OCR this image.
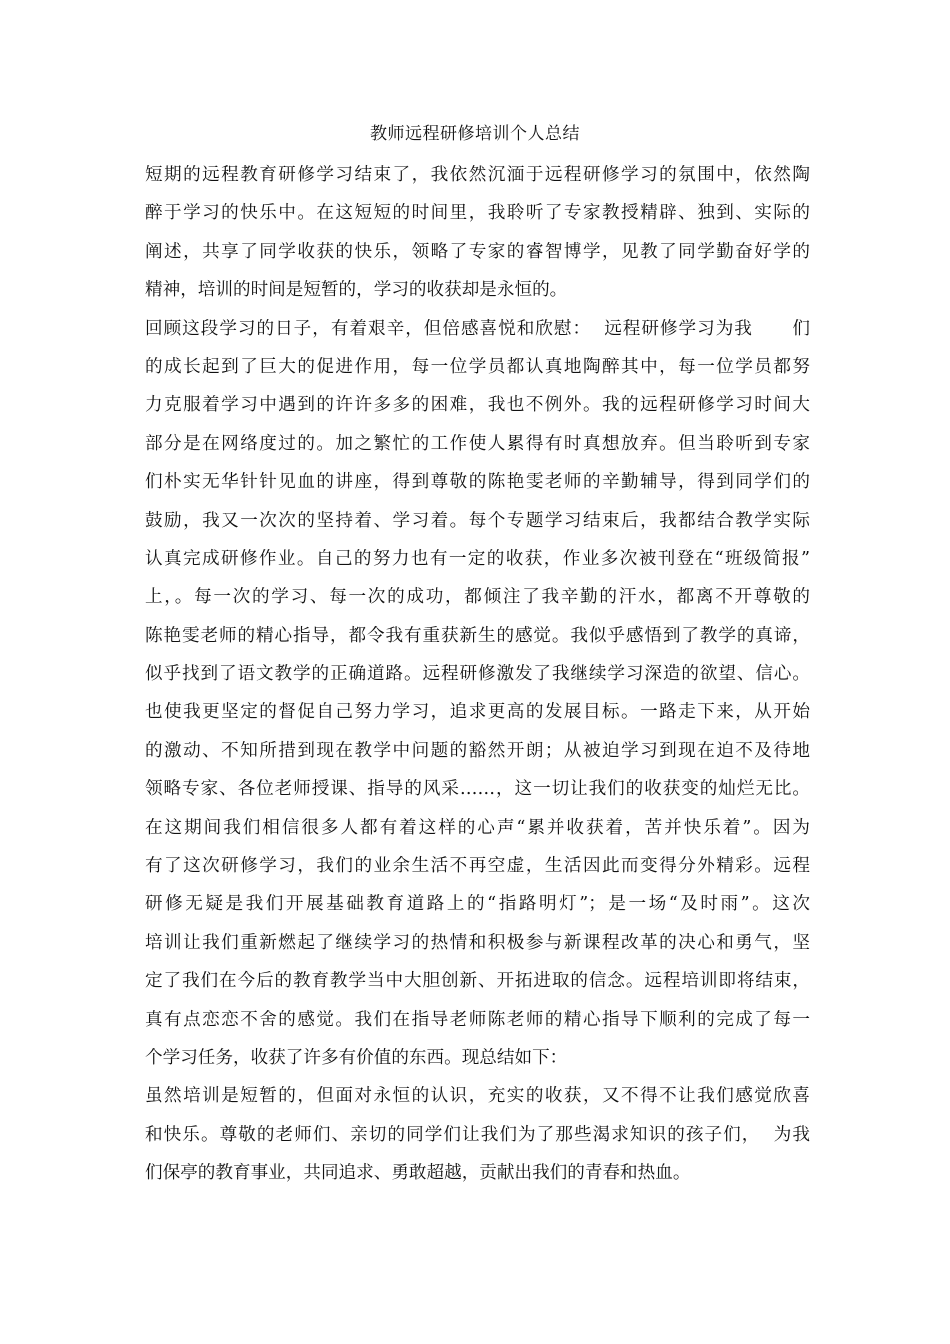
教师远程研修培训个人总结
短期的远程教育研修学习结束了，我依然沉湎于远程研修学习的氛围中，依然陶
醉于学习的快乐中。在这短短的时间里，我聆听了专家教授精辟、独到、实际的
阐述，共享了同学收获的快乐，领略了专家的睿智博学，见教了同学勤奋好学的
精神，培训的时间是短暂的，学习的收获却是永恒的。
回顾这段学习的日子，有着艰辛，但倍感喜悦和欣慰：  远程研修学习为我      们
的成长起到了巨大的促进作用，每一位学员都认真地陶醉其中，每一位学员都努
力克服着学习中遇到的许许多多的困难，我也不例外。我的远程研修学习时间大
部分是在网络度过的。加之繁忙的工作使人累得有时真想放弃。但当聆听到专家
们朴实无华针针见血的讲座，得到尊敬的陈艳雯老师的辛勤辅导，得到同学们的
鼓励，我又一次次的坚持着、学习着。每个专题学习结束后，我都结合教学实际
认真完成研修作业。自己的努力也有一定的收获，作业多次被刊登在“班级简报”
上，。每一次的学习、每一次的成功，都倾注了我辛勤的汗水，都离不开尊敬的
陈艳雯老师的精心指导，都令我有重获新生的感觉。我似乎感悟到了教学的真谛，
似乎找到了语文教学的正确道路。远程研修激发了我继续学习深造的欲望、信心。
也使我更坚定的督促自己努力学习，追求更高的发展目标。一路走下来，从开始
的激动、不知所措到现在教学中问题的豁然开朗；从被迫学习到现在迫不及待地
领略专家、各位老师授课、指导的风采……，这一切让我们的收获变的灿烂无比。
在这期间我们相信很多人都有着这样的心声“累并收获着，苦并快乐着”。因为
有了这次研修学习，我们的业余生活不再空虚，生活因此而变得分外精彩。远程
研修无疑是我们开展基础教育道路上的“指路明灯”；是一场“及时雨”。这次
培训让我们重新燃起了继续学习的热情和积极参与新课程改革的决心和勇气，坚
定了我们在今后的教育教学当中大胆创新、开拓进取的信念。远程培训即将结束，
真有点恋恋不舍的感觉。我们在指导老师陈老师的精心指导下顺利的完成了每一
个学习任务，收获了许多有价值的东西。现总结如下：
虽然培训是短暂的，但面对永恒的认识，充实的收获，又不得不让我们感觉欣喜
和快乐。尊敬的老师们、亲切的同学们让我们为了那些渴求知识的孩子们，  为我
们保亭的教育事业，共同追求、勇敢超越，贡献出我们的青春和热血。
